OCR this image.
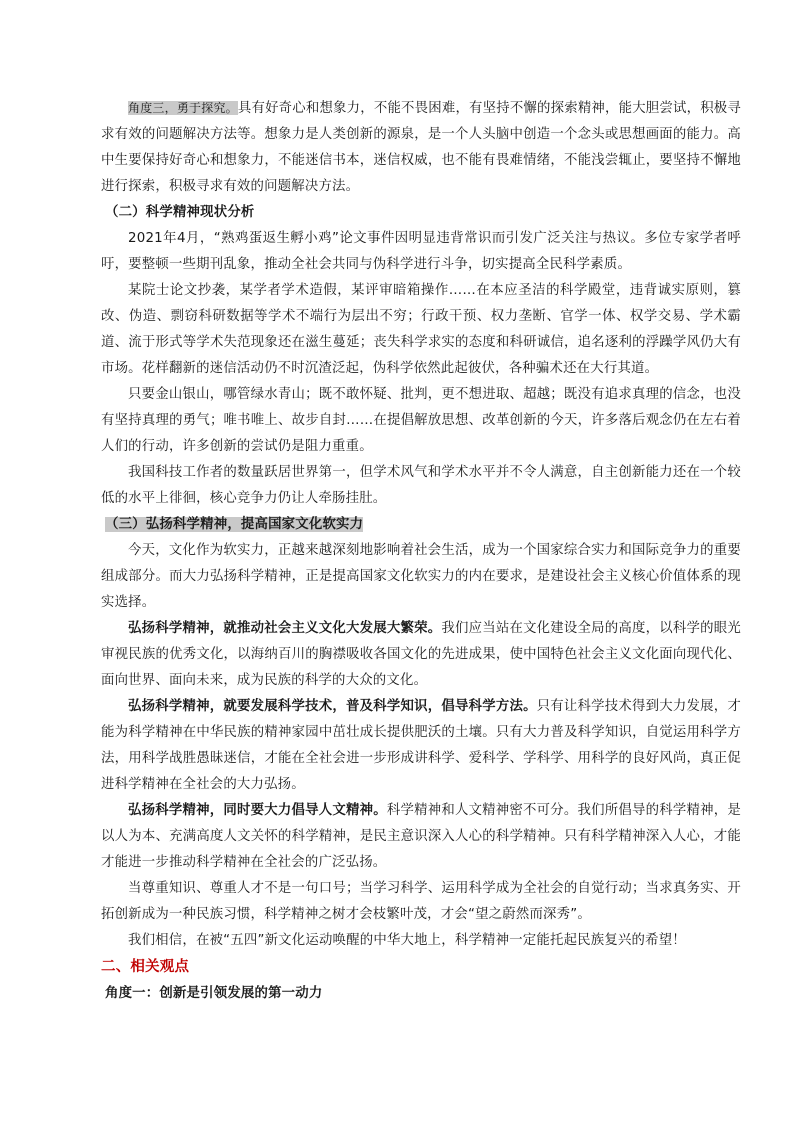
角度三，勇于探究。具有好奇心和想象力，不能不畏困难，有坚持不懈的探索精神，能大胆尝试，积极寻求有效的问题解决方法等。想象力是人类创新的源泉，是一个人头脑中创造一个念头或思想画面的能力。高中生要保持好奇心和想象力，不能迷信书本，迷信权威，也不能有畏难情绪，不能浅尝辄止，要坚持不懈地进行探索，积极寻求有效的问题解决方法。

（二）科学精神现状分析

2021年4月，“熟鸡蛋返生孵小鸡”论文事件因明显违背常识而引发广泛关注与热议。多位专家学者呼吁，要整顿一些期刊乱象，推动全社会共同与伪科学进行斗争，切实提高全民科学素质。

某院士论文抄袭，某学者学术造假，某评审暗箱操作……在本应圣洁的科学殿堂，违背诚实原则，篡改、伪造、剽窃科研数据等学术不端行为层出不穷；行政干预、权力垄断、官学一体、权学交易、学术霸道、流于形式等学术失范现象还在滋生蔓延；丧失科学求实的态度和科研诚信，追名逐利的浮躁学风仍大有市场。花样翻新的迷信活动仍不时沉渣泛起，伪科学依然此起彼伏，各种骗术还在大行其道。

只要金山银山，哪管绿水青山；既不敢怀疑、批判，更不想进取、超越；既没有追求真理的信念，也没有坚持真理的勇气；唯书唯上、故步自封……在提倡解放思想、改革创新的今天，许多落后观念仍在左右着人们的行动，许多创新的尝试仍是阻力重重。

我国科技工作者的数量跃居世界第一，但学术风气和学术水平并不令人满意，自主创新能力还在一个较低的水平上徘徊，核心竞争力仍让人牵肠挂肚。

（三）弘扬科学精神，提高国家文化软实力

今天，文化作为软实力，正越来越深刻地影响着社会生活，成为一个国家综合实力和国际竞争力的重要组成部分。而大力弘扬科学精神，正是提高国家文化软实力的内在要求，是建设社会主义核心价值体系的现实选择。

弘扬科学精神，就推动社会主义文化大发展大繁荣。我们应当站在文化建设全局的高度，以科学的眼光审视民族的优秀文化，以海纳百川的胸襟吸收各国文化的先进成果，使中国特色社会主义文化面向现代化、面向世界、面向未来，成为民族的科学的大众的文化。

弘扬科学精神，就要发展科学技术，普及科学知识，倡导科学方法。只有让科学技术得到大力发展，才能为科学精神在中华民族的精神家园中茁壮成长提供肥沃的土壤。只有大力普及科学知识，自觉运用科学方法，用科学战胜愚昧迷信，才能在全社会进一步形成讲科学、爱科学、学科学、用科学的良好风尚，真正促进科学精神在全社会的大力弘扬。

弘扬科学精神，同时要大力倡导人文精神。科学精神和人文精神密不可分。我们所倡导的科学精神，是以人为本、充满高度人文关怀的科学精神，是民主意识深入人心的科学精神。只有科学精神深入人心，才能才能进一步推动科学精神在全社会的广泛弘扬。

当尊重知识、尊重人才不是一句口号；当学习科学、运用科学成为全社会的自觉行动；当求真务实、开拓创新成为一种民族习惯，科学精神之树才会枝繁叶茂，才会“望之蔚然而深秀”。

我们相信，在被“五四”新文化运动唤醒的中华大地上，科学精神一定能托起民族复兴的希望！

二、相关观点

角度一：创新是引领发展的第一动力
